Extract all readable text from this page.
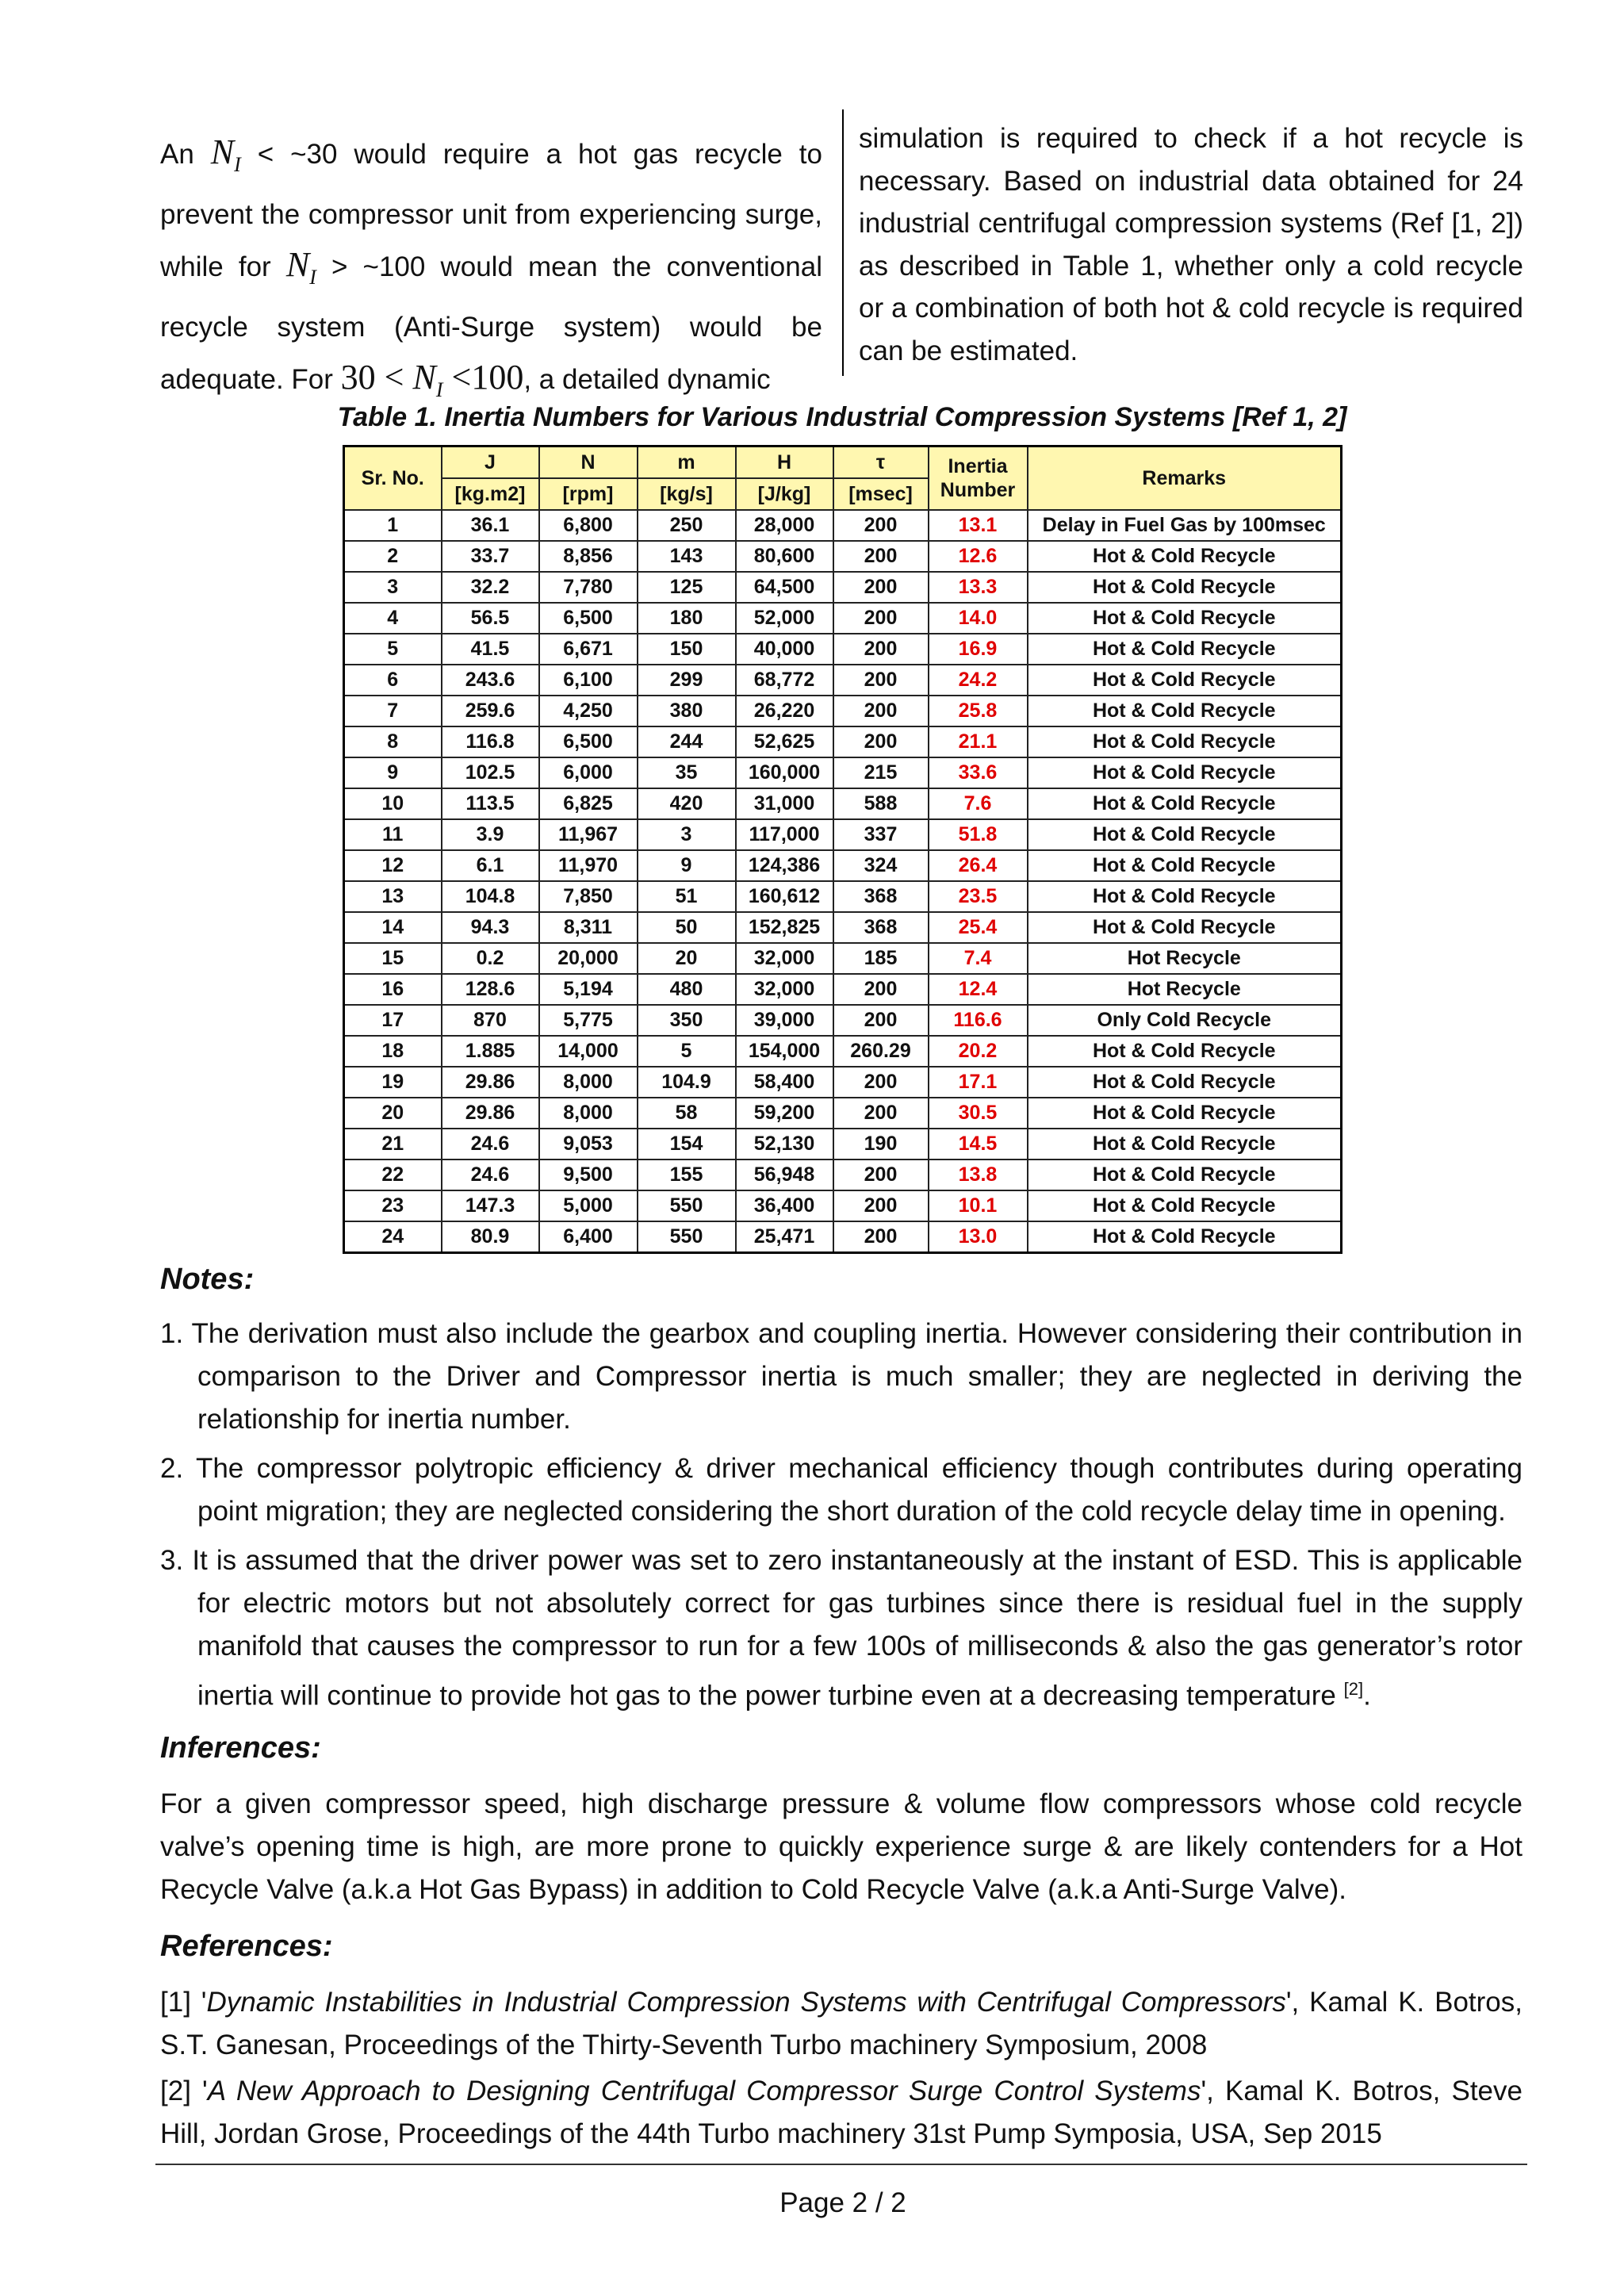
An $N_I$ < ~30 would require a hot gas recycle to prevent the compressor unit from experiencing surge, while for $N_I$ > ~100 would mean the conventional recycle system (Anti-Surge system) would be adequate. For $30 < N_I <100$, a detailed dynamic
simulation is required to check if a hot recycle is necessary. Based on industrial data obtained for 24 industrial centrifugal compression systems (Ref [1, 2]) as described in Table 1, whether only a cold recycle or a combination of both hot & cold recycle is required can be estimated.
Table 1. Inertia Numbers for Various Industrial Compression Systems [Ref 1, 2]
Sr. No.	J	N	m	H	τ	Inertia Number	Remarks
	[kg.m2]	[rpm]	[kg/s]	[J/kg]	[msec]		
1	36.1	6,800	250	28,000	200	13.1	Delay in Fuel Gas by 100msec
2	33.7	8,856	143	80,600	200	12.6	Hot & Cold Recycle
3	32.2	7,780	125	64,500	200	13.3	Hot & Cold Recycle
4	56.5	6,500	180	52,000	200	14.0	Hot & Cold Recycle
5	41.5	6,671	150	40,000	200	16.9	Hot & Cold Recycle
6	243.6	6,100	299	68,772	200	24.2	Hot & Cold Recycle
7	259.6	4,250	380	26,220	200	25.8	Hot & Cold Recycle
8	116.8	6,500	244	52,625	200	21.1	Hot & Cold Recycle
9	102.5	6,000	35	160,000	215	33.6	Hot & Cold Recycle
10	113.5	6,825	420	31,000	588	7.6	Hot & Cold Recycle
11	3.9	11,967	3	117,000	337	51.8	Hot & Cold Recycle
12	6.1	11,970	9	124,386	324	26.4	Hot & Cold Recycle
13	104.8	7,850	51	160,612	368	23.5	Hot & Cold Recycle
14	94.3	8,311	50	152,825	368	25.4	Hot & Cold Recycle
15	0.2	20,000	20	32,000	185	7.4	Hot Recycle
16	128.6	5,194	480	32,000	200	12.4	Hot Recycle
17	870	5,775	350	39,000	200	116.6	Only Cold Recycle
18	1.885	14,000	5	154,000	260.29	20.2	Hot & Cold Recycle
19	29.86	8,000	104.9	58,400	200	17.1	Hot & Cold Recycle
20	29.86	8,000	58	59,200	200	30.5	Hot & Cold Recycle
21	24.6	9,053	154	52,130	190	14.5	Hot & Cold Recycle
22	24.6	9,500	155	56,948	200	13.8	Hot & Cold Recycle
23	147.3	5,000	550	36,400	200	10.1	Hot & Cold Recycle
24	80.9	6,400	550	25,471	200	13.0	Hot & Cold Recycle
Notes:

1. The derivation must also include the gearbox and coupling inertia. However considering their contribution in comparison to the Driver and Compressor inertia is much smaller; they are neglected in deriving the relationship for inertia number.

2. The compressor polytropic efficiency & driver mechanical efficiency though contributes during operating point migration; they are neglected considering the short duration of the cold recycle delay time in opening.

3. It is assumed that the driver power was set to zero instantaneously at the instant of ESD. This is applicable for electric motors but not absolutely correct for gas turbines since there is residual fuel in the supply manifold that causes the compressor to run for a few 100s of milliseconds & also the gas generator’s rotor inertia will continue to provide hot gas to the power turbine even at a decreasing temperature [2].

Inferences:
For a given compressor speed, high discharge pressure & volume flow compressors whose cold recycle valve’s opening time is high, are more prone to quickly experience surge & are likely contenders for a Hot Recycle Valve (a.k.a Hot Gas Bypass) in addition to Cold Recycle Valve (a.k.a Anti-Surge Valve).
References:
[1] 'Dynamic Instabilities in Industrial Compression Systems with Centrifugal Compressors', Kamal K. Botros, S.T. Ganesan, Proceedings of the Thirty-Seventh Turbo machinery Symposium, 2008
[2] 'A New Approach to Designing Centrifugal Compressor Surge Control Systems', Kamal K. Botros, Steve Hill, Jordan Grose, Proceedings of the 44th Turbo machinery 31st Pump Symposia, USA, Sep 2015
Page 2 / 2
